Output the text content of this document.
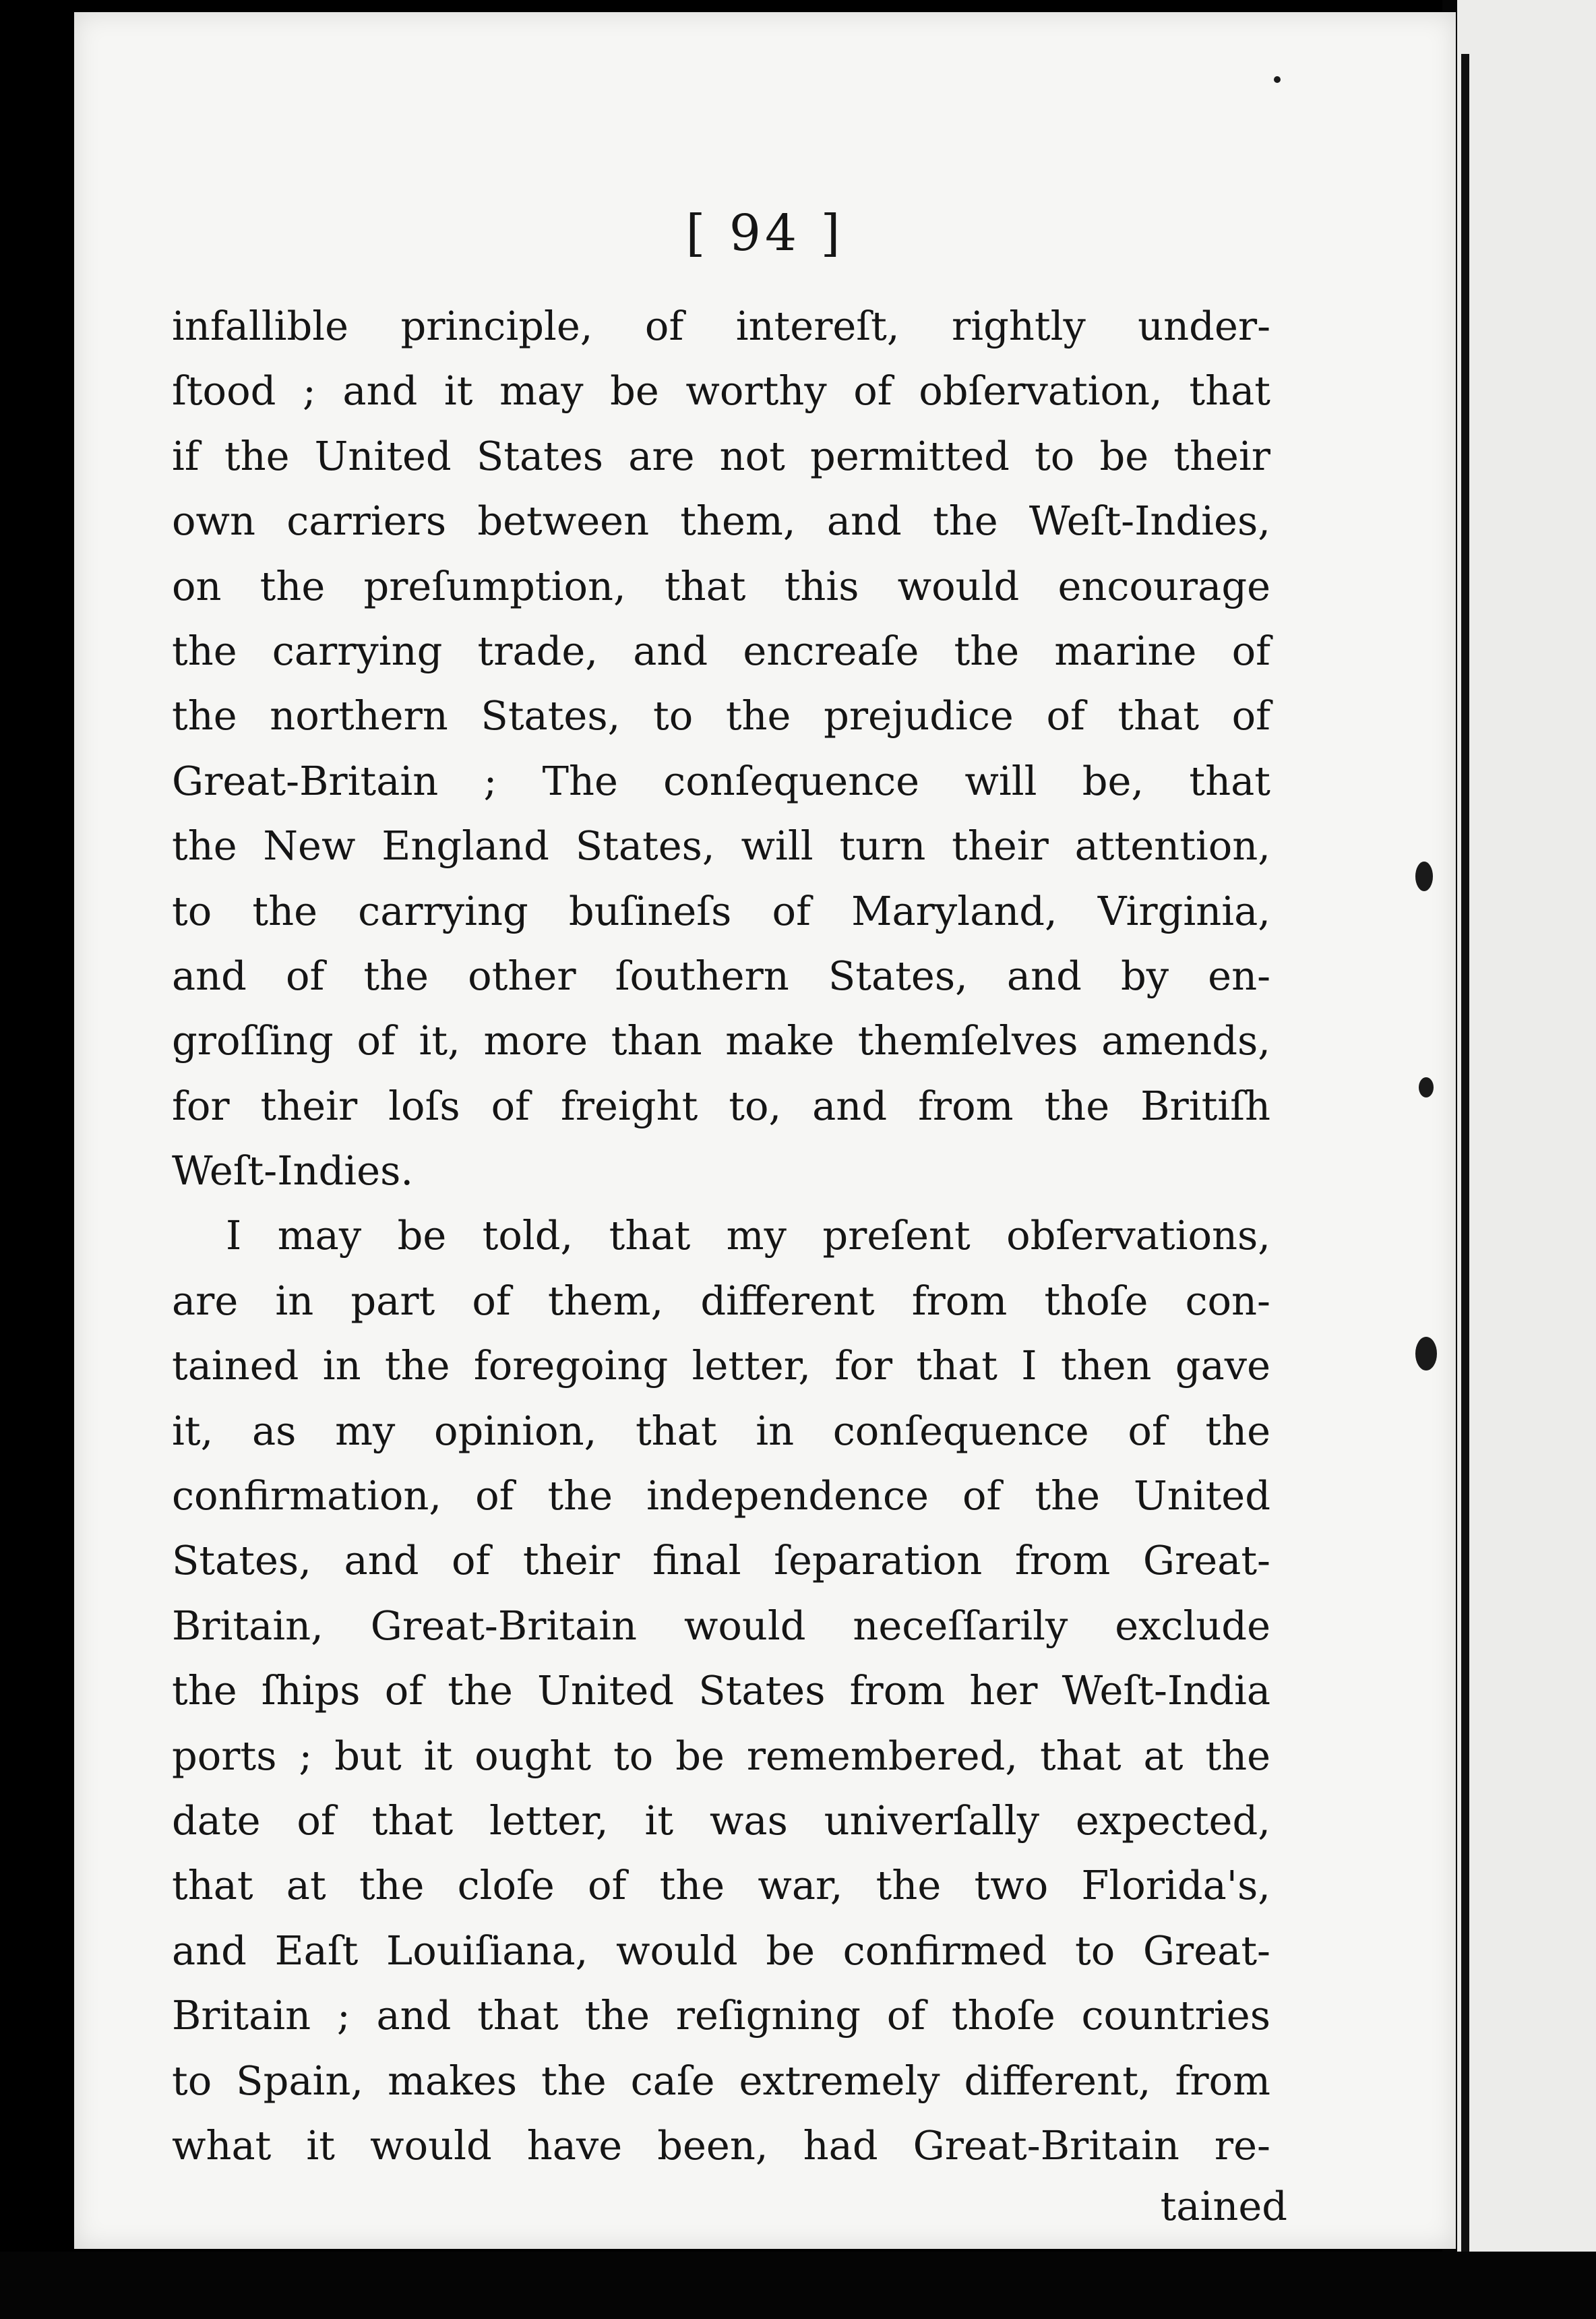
[ 94 ]
infallible principle, of intereſt, rightly under-
ſtood ; and it may be worthy of obſervation, that
if the United States are not permitted to be their
own carriers between them, and the Weſt-Indies,
on the preſumption, that this would encourage
the carrying trade, and encreaſe the marine of
the northern States, to the prejudice of that of
Great-Britain ; The conſequence will be, that
the New England States, will turn their attention,
to the carrying buſineſs of Maryland, Virginia,
and of the other ſouthern States, and by en-
groſſing of it, more than make themſelves amends,
for their loſs of freight to, and from the Britiſh
Weſt-Indies.
I may be told, that my preſent obſervations,
are in part of them, different from thoſe con-
tained in the foregoing letter, for that I then gave
it, as my opinion, that in conſequence of the
confirmation, of the independence of the United
States, and of their final ſeparation from Great-
Britain, Great-Britain would neceſſarily exclude
the ſhips of the United States from her Weſt-India
ports ; but it ought to be remembered, that at the
date of that letter, it was univerſally expected,
that at the cloſe of the war, the two Florida's,
and Eaſt Louiſiana, would be confirmed to Great-
Britain ; and that the reſigning of thoſe countries
to Spain, makes the caſe extremely different, from
what it would have been, had Great-Britain re-
tained
